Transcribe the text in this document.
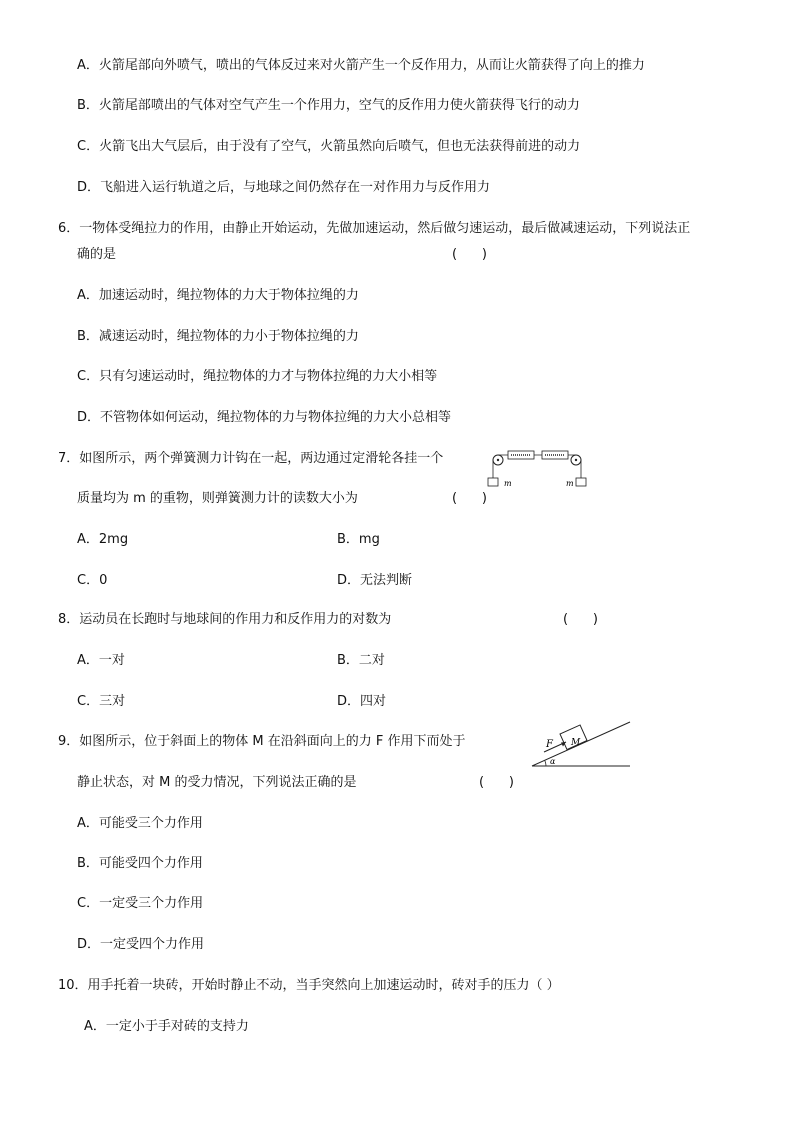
A．火箭尾部向外喷气，喷出的气体反过来对火箭产生一个反作用力，从而让火箭获得了向上的推力
B．火箭尾部喷出的气体对空气产生一个作用力，空气的反作用力使火箭获得飞行的动力
C．火箭飞出大气层后，由于没有了空气，火箭虽然向后喷气，但也无法获得前进的动力
D．飞船进入运行轨道之后，与地球之间仍然存在一对作用力与反作用力
6．一物体受绳拉力的作用，由静止开始运动，先做加速运动，然后做匀速运动，最后做减速运动，下列说法正
确的是	(      )
A．加速运动时，绳拉物体的力大于物体拉绳的力
B．减速运动时，绳拉物体的力小于物体拉绳的力
C．只有匀速运动时，绳拉物体的力才与物体拉绳的力大小相等
D．不管物体如何运动，绳拉物体的力与物体拉绳的力大小总相等
7．如图所示，两个弹簧测力计钩在一起，两边通过定滑轮各挂一个
质量均为 m 的重物，则弹簧测力计的读数大小为	(      )
m	m
A．2mg	B．mg
C．0	D．无法判断
8．运动员在长跑时与地球间的作用力和反作用力的对数为	(      )
A．一对	B．二对
C．三对	D．四对
9．如图所示，位于斜面上的物体 M 在沿斜面向上的力 F 作用下而处于
静止状态，对 M 的受力情况，下列说法正确的是	(      )
F M
α
A．可能受三个力作用
B．可能受四个力作用
C．一定受三个力作用
D．一定受四个力作用
10．用手托着一块砖，开始时静止不动，当手突然向上加速运动时，砖对手的压力（ ）
A．一定小于手对砖的支持力
